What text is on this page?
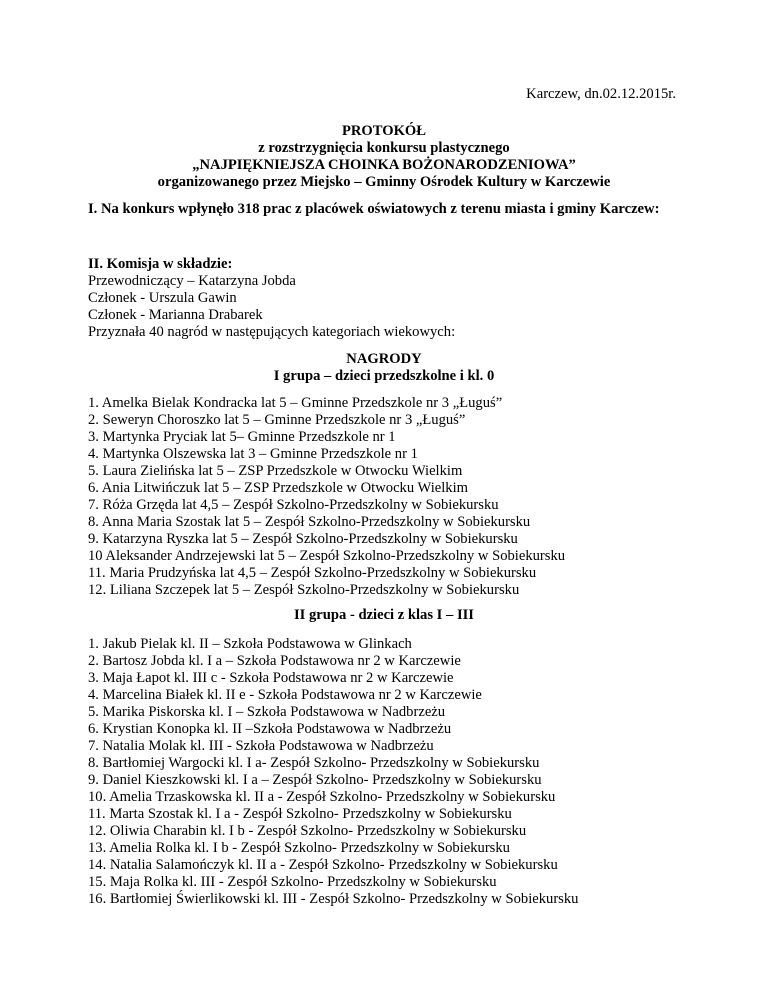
Karczew, dn.02.12.2015r.
PROTOKÓŁ
z rozstrzygnięcia konkursu plastycznego
„NAJPIĘKNIEJSZA CHOINKA BOŻONARODZENIOWA”
organizowanego przez Miejsko – Gminny Ośrodek Kultury w Karczewie
I. Na konkurs wpłynęło 318 prac z placówek oświatowych z terenu miasta i gminy Karczew:
II. Komisja w składzie:
Przewodniczący – Katarzyna Jobda
Członek - Urszula Gawin
Członek - Marianna Drabarek
Przyznała 40 nagród w następujących kategoriach wiekowych:
NAGRODY
I grupa – dzieci przedszkolne i kl. 0
1. Amelka Bielak Kondracka lat 5 – Gminne Przedszkole nr 3 „Ługuś”
2. Seweryn Choroszko lat 5 – Gminne Przedszkole nr 3 „Ługuś”
3. Martynka Pryciak lat 5– Gminne Przedszkole nr 1
4. Martynka Olszewska lat 3 – Gminne Przedszkole nr 1
5. Laura Zielińska lat 5 – ZSP Przedszkole w Otwocku Wielkim
6. Ania Litwińczuk lat 5 – ZSP Przedszkole w Otwocku Wielkim
7. Róża Grzęda lat 4,5 – Zespół Szkolno-Przedszkolny w Sobiekursku
8. Anna Maria Szostak lat 5 – Zespół Szkolno-Przedszkolny w Sobiekursku
9. Katarzyna Ryszka lat 5 – Zespół Szkolno-Przedszkolny w Sobiekursku
10 Aleksander Andrzejewski lat 5 – Zespół Szkolno-Przedszkolny w Sobiekursku
11. Maria Prudzyńska lat 4,5 – Zespół Szkolno-Przedszkolny w Sobiekursku
12. Liliana Szczepek lat 5 – Zespół Szkolno-Przedszkolny w Sobiekursku
II grupa - dzieci z klas I – III
1. Jakub Pielak kl. II – Szkoła Podstawowa w Glinkach
2. Bartosz Jobda kl. I a – Szkoła Podstawowa nr 2 w Karczewie
3. Maja Łapot kl. III c - Szkoła Podstawowa nr 2 w Karczewie
4. Marcelina Białek kl. II e - Szkoła Podstawowa nr 2 w Karczewie
5. Marika Piskorska kl. I – Szkoła Podstawowa w Nadbrzeżu
6. Krystian Konopka kl. II –Szkoła Podstawowa w Nadbrzeżu
7. Natalia Molak kl. III - Szkoła Podstawowa w Nadbrzeżu
8. Bartłomiej Wargocki kl. I a- Zespół Szkolno- Przedszkolny w Sobiekursku
9. Daniel Kieszkowski kl. I a – Zespół Szkolno- Przedszkolny w Sobiekursku
10. Amelia Trzaskowska kl. II a - Zespół Szkolno- Przedszkolny w Sobiekursku
11. Marta Szostak kl. I a - Zespół Szkolno- Przedszkolny w Sobiekursku
12. Oliwia Charabin kl. I b - Zespół Szkolno- Przedszkolny w Sobiekursku
13. Amelia Rolka kl. I b - Zespół Szkolno- Przedszkolny w Sobiekursku
14. Natalia Salamończyk kl. II a - Zespół Szkolno- Przedszkolny w Sobiekursku
15. Maja Rolka kl. III - Zespół Szkolno- Przedszkolny w Sobiekursku
16. Bartłomiej Świerlikowski kl. III - Zespół Szkolno- Przedszkolny w Sobiekursku
